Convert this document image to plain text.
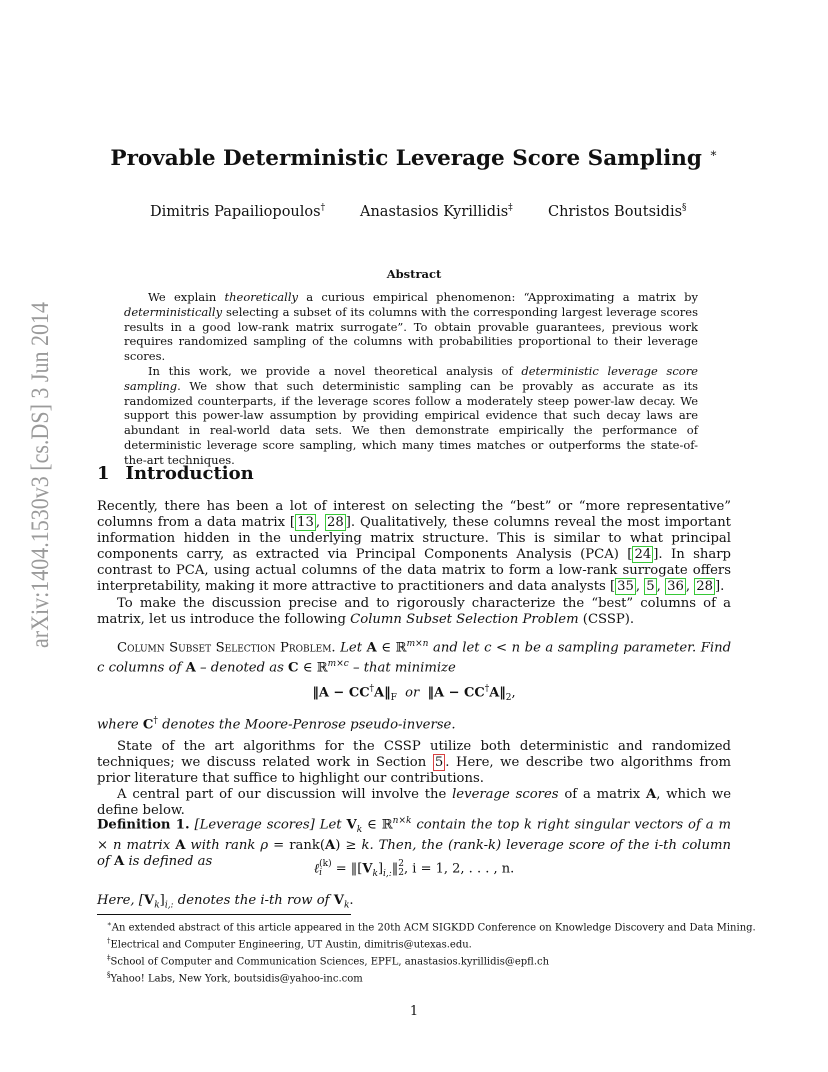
arXiv:1404.1530v3 [cs.DS] 3 Jun 2014
Provable Deterministic Leverage Score Sampling ∗
Dimitris Papailiopoulos† Anastasios Kyrillidis‡ Christos Boutsidis§
Abstract

We explain theoretically a curious empirical phenomenon: “Approximating a matrix by deterministically selecting a subset of its columns with the corresponding largest leverage scores results in a good low-rank matrix surrogate”. To obtain provable guarantees, previous work requires randomized sampling of the columns with probabilities proportional to their leverage scores.

In this work, we provide a novel theoretical analysis of deterministic leverage score sampling. We show that such deterministic sampling can be provably as accurate as its randomized counterparts, if the leverage scores follow a moderately steep power-law decay. We support this power-law assumption by providing empirical evidence that such decay laws are abundant in real-world data sets. We then demonstrate empirically the performance of deterministic leverage score sampling, which many times matches or outperforms the state-of-the-art techniques.

1 Introduction

Recently, there has been a lot of interest on selecting the “best” or “more representative” columns from a data matrix [ 13 , 28 ]. Qualitatively, these columns reveal the most important information hidden in the underlying matrix structure. This is similar to what principal components carry, as extracted via Principal Components Analysis (PCA) [ 24 ]. In sharp contrast to PCA, using actual columns of the data matrix to form a low-rank surrogate offers interpretability, making it more attractive to practitioners and data analysts [ 35 , 5 , 36 , 28 ].

To make the discussion precise and to rigorously characterize the “best” columns of a matrix, let us introduce the following Column Subset Selection Problem (CSSP).

Column Subset Selection Problem. Let A ∈ ℝ$^{m\times n}$ and let c < n be a sampling parameter. Find c columns of A – denoted as C ∈ ℝ$^{m\times c}$ – that minimize

‖A − $CC^\dagger A‖_F$ or ‖A − $CC^\dagger A‖_2$,

where C† denotes the Moore-Penrose pseudo-inverse.

State of the art algorithms for the CSSP utilize both deterministic and randomized techniques; we discuss related work in Section 5 . Here, we describe two algorithms from prior literature that suffice to highlight our contributions.

A central part of our discussion will involve the leverage scores of a matrix A, which we define below.

Definition 1. [Leverage scores] Let $V_k$ ∈ ℝ$^{n\times k}$ contain the top k right singular vectors of a m × n matrix A with rank ρ = rank(A) ≥ k. Then, the (rank-k) leverage score of the i-th column of A is defined as	ℓ (k)
$i = ‖[V_k]_{i,:}‖$ 2
2 , i = 1, 2, . . . , n.

Here, $[V_k]_{i,:}$ denotes the i-th row of $V_k$.

∗An extended abstract of this article appeared in the 20th ACM SIGKDD Conference on Knowledge Discovery and Data Mining.
†Electrical and Computer Engineering, UT Austin, dimitris@utexas.edu.
‡School of Computer and Communication Sciences, EPFL, anastasios.kyrillidis@epfl.ch
§Yahoo! Labs, New York, boutsidis@yahoo-inc.com
1
